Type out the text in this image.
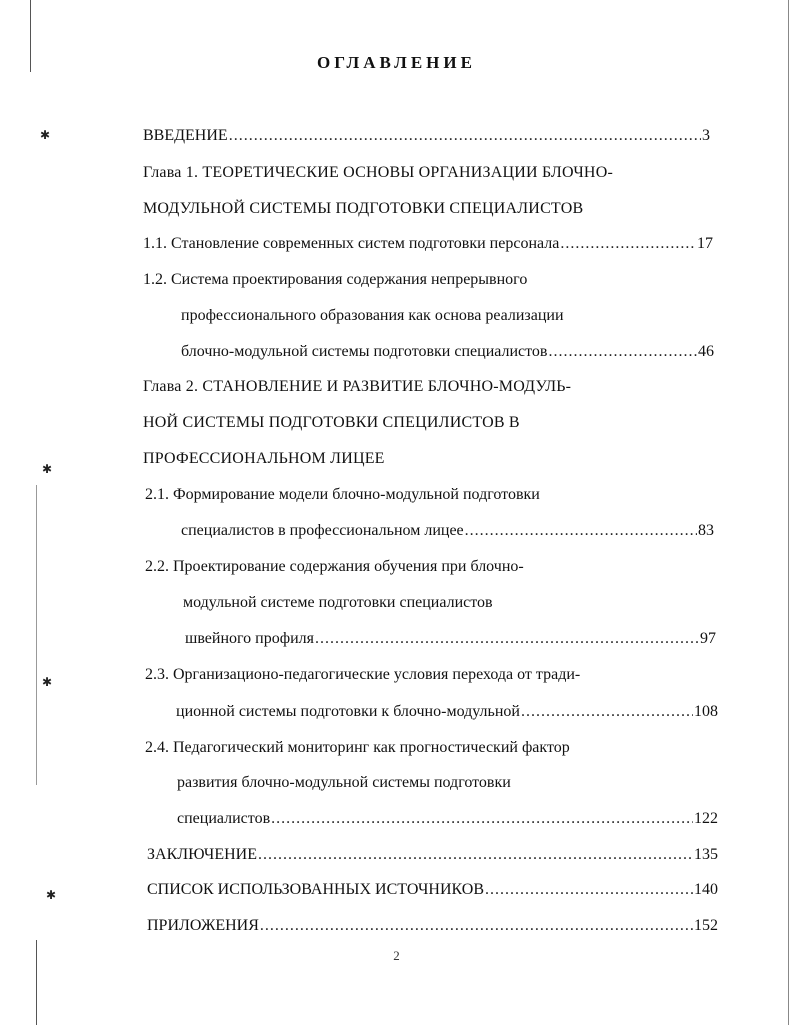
✱
✱
✱
✱
ОГЛАВЛЕНИЕ
ВВЕДЕНИЕ .....	3
Глава 1. ТЕОРЕТИЧЕСКИЕ ОСНОВЫ ОРГАНИЗАЦИИ БЛОЧНО-
МОДУЛЬНОЙ СИСТЕМЫ ПОДГОТОВКИ СПЕЦИАЛИСТОВ
1.1. Становление современных систем подготовки персонала .....	17
1.2. Система проектирования содержания непрерывного
профессионального образования как основа реализации
блочно-модульной системы подготовки специалистов .....	46
Глава 2. СТАНОВЛЕНИЕ И РАЗВИТИЕ БЛОЧНО-МОДУЛЬ-
НОЙ СИСТЕМЫ ПОДГОТОВКИ СПЕЦИЛИСТОВ В
ПРОФЕССИОНАЛЬНОМ ЛИЦЕЕ
2.1. Формирование модели блочно-модульной подготовки
специалистов в профессиональном лицее .....	83
2.2. Проектирование содержания обучения при блочно-
модульной системе подготовки специалистов
швейного профиля .....	97
2.3. Организационо-педагогические условия перехода от тради-
ционной системы подготовки к блочно-модульной .....	108
2.4. Педагогический мониторинг как прогностический фактор
развития блочно-модульной системы подготовки
специалистов .....	122
ЗАКЛЮЧЕНИЕ .....	135
СПИСОК ИСПОЛЬЗОВАННЫХ ИСТОЧНИКОВ .....	140
ПРИЛОЖЕНИЯ .....	152
2
